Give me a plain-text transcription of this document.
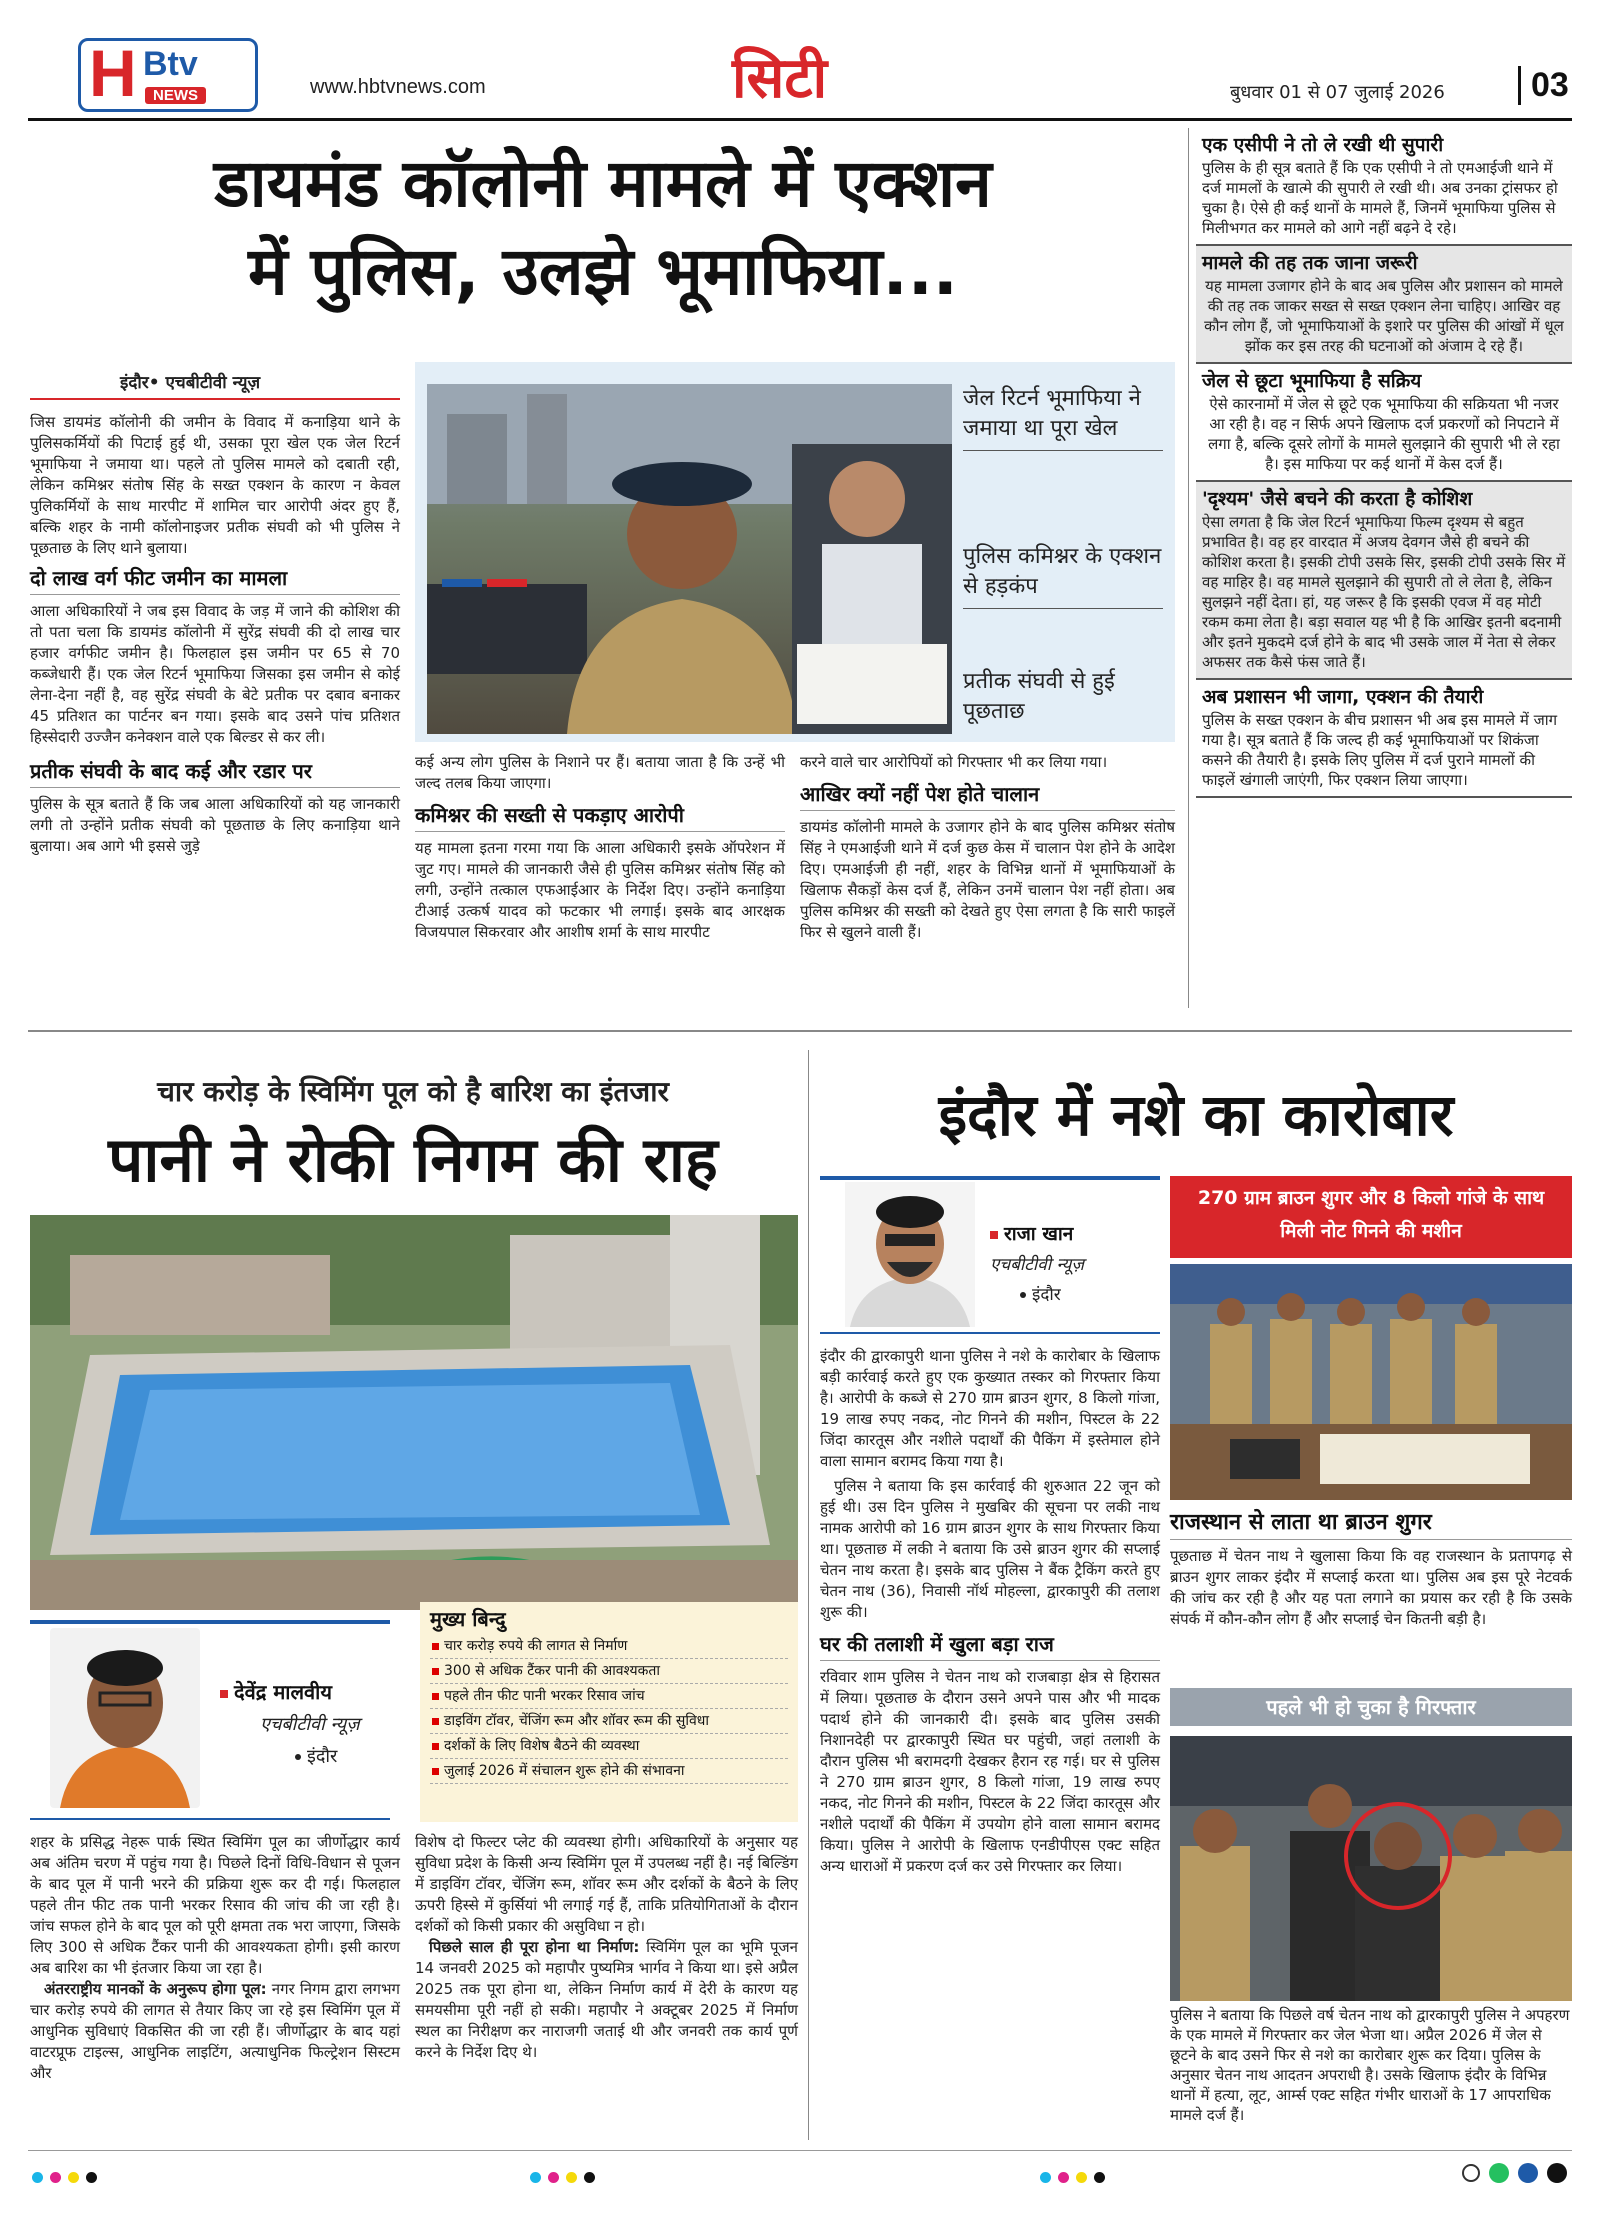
H Btv
NEWS	www.hbtvnews.com	सिटी	बुधवार 01 से 07 जुलाई 2026	03
डायमंड कॉलोनी मामले में एक्शन
में पुलिस, उलझे भूमाफिया...
इंदौर• एचबीटीवी न्यूज़

जिस डायमंड कॉलोनी की जमीन के विवाद में कनाड़िया थाने के पुलिसकर्मियों की पिटाई हुई थी, उसका पूरा खेल एक जेल रिटर्न भूमाफिया ने जमाया था। पहले तो पुलिस मामले को दबाती रही, लेकिन कमिश्नर संतोष सिंह के सख्त एक्शन के कारण न केवल पुलिकर्मियों के साथ मारपीट में शामिल चार आरोपी अंदर हुए हैं, बल्कि शहर के नामी कॉलोनाइजर प्रतीक संघवी को भी पुलिस ने पूछताछ के लिए थाने बुलाया।

दो लाख वर्ग फीट जमीन का मामला

आला अधिकारियों ने जब इस विवाद के जड़ में जाने की कोशिश की तो पता चला कि डायमंड कॉलोनी में सुरेंद्र संघवी की दो लाख चार हजार वर्गफीट जमीन है। फिलहाल इस जमीन पर 65 से 70 कब्जेधारी हैं। एक जेल रिटर्न भूमाफिया जिसका इस जमीन से कोई लेना-देना नहीं है, वह सुरेंद्र संघवी के बेटे प्रतीक पर दबाव बनाकर 45 प्रतिशत का पार्टनर बन गया। इसके बाद उसने पांच प्रतिशत हिस्सेदारी उज्जैन कनेक्शन वाले एक बिल्डर से कर ली।

प्रतीक संघवी के बाद कई और रडार पर

पुलिस के सूत्र बताते हैं कि जब आला अधिकारियों को यह जानकारी लगी तो उन्होंने प्रतीक संघवी को पूछताछ के लिए कनाड़िया थाने बुलाया। अब आगे भी इससे जुड़े

जेल रिटर्न भूमाफिया ने जमाया था पूरा खेल
पुलिस कमिश्नर के एक्शन से हड़कंप
प्रतीक संघवी से हुई पूछताछ

कई अन्य लोग पुलिस के निशाने पर हैं। बताया जाता है कि उन्हें भी जल्द तलब किया जाएगा।

कमिश्नर की सख्ती से पकड़ाए आरोपी

यह मामला इतना गरमा गया कि आला अधिकारी इसके ऑपरेशन में जुट गए। मामले की जानकारी जैसे ही पुलिस कमिश्नर संतोष सिंह को लगी, उन्होंने तत्काल एफआईआर के निर्देश दिए। उन्होंने कनाड़िया टीआई उत्कर्ष यादव को फटकार भी लगाई। इसके बाद आरक्षक विजयपाल सिकरवार और आशीष शर्मा के साथ मारपीट

करने वाले चार आरोपियों को गिरफ्तार भी कर लिया गया।

आखिर क्यों नहीं पेश होते चालान

डायमंड कॉलोनी मामले के उजागर होने के बाद पुलिस कमिश्नर संतोष सिंह ने एमआईजी थाने में दर्ज कुछ केस में चालान पेश होने के आदेश दिए। एमआईजी ही नहीं, शहर के विभिन्न थानों में भूमाफियाओं के खिलाफ सैकड़ों केस दर्ज हैं, लेकिन उनमें चालान पेश नहीं होता। अब पुलिस कमिश्नर की सख्ती को देखते हुए ऐसा लगता है कि सारी फाइलें फिर से खुलने वाली हैं।

एक एसीपी ने तो ले रखी थी सुपारी

पुलिस के ही सूत्र बताते हैं कि एक एसीपी ने तो एमआईजी थाने में दर्ज मामलों के खात्मे की सुपारी ले रखी थी। अब उनका ट्रांसफर हो चुका है। ऐसे ही कई थानों के मामले हैं, जिनमें भूमाफिया पुलिस से मिलीभगत कर मामले को आगे नहीं बढ़ने दे रहे।

मामले की तह तक जाना जरूरी

यह मामला उजागर होने के बाद अब पुलिस और प्रशासन को मामले की तह तक जाकर सख्त से सख्त एक्शन लेना चाहिए। आखिर वह कौन लोग हैं, जो भूमाफियाओं के इशारे पर पुलिस की आंखों में धूल झोंक कर इस तरह की घटनाओं को अंजाम दे रहे हैं।

जेल से छूटा भूमाफिया है सक्रिय

ऐसे कारनामों में जेल से छूटे एक भूमाफिया की सक्रियता भी नजर आ रही है। वह न सिर्फ अपने खिलाफ दर्ज प्रकरणों को निपटाने में लगा है, बल्कि दूसरे लोगों के मामले सुलझाने की सुपारी भी ले रहा है। इस माफिया पर कई थानों में केस दर्ज हैं।

'दृश्यम' जैसे बचने की करता है कोशिश

ऐसा लगता है कि जेल रिटर्न भूमाफिया फिल्म दृश्यम से बहुत प्रभावित है। वह हर वारदात में अजय देवगन जैसे ही बचने की कोशिश करता है। इसकी टोपी उसके सिर, इसकी टोपी उसके सिर में वह माहिर है। वह मामले सुलझाने की सुपारी तो ले लेता है, लेकिन सुलझने नहीं देता। हां, यह जरूर है कि इसकी एवज में वह मोटी रकम कमा लेता है। बड़ा सवाल यह भी है कि आखिर इतनी बदनामी और इतने मुकदमे दर्ज होने के बाद भी उसके जाल में नेता से लेकर अफसर तक कैसे फंस जाते हैं।

अब प्रशासन भी जागा, एक्शन की तैयारी

पुलिस के सख्त एक्शन के बीच प्रशासन भी अब इस मामले में जाग गया है। सूत्र बताते हैं कि जल्द ही कई भूमाफियाओं पर शिकंजा कसने की तैयारी है। इसके लिए पुलिस में दर्ज पुराने मामलों की फाइलें खंगाली जाएंगी, फिर एक्शन लिया जाएगा।

चार करोड़ के स्विमिंग पूल को है बारिश का इंतजार
पानी ने रोकी निगम की राह
देवेंद्र मालवीय
एचबीटीवी न्यूज़
इंदौर
मुख्य बिन्दु
चार करोड़ रुपये की लागत से निर्माण
300 से अधिक टैंकर पानी की आवश्यकता
पहले तीन फीट पानी भरकर रिसाव जांच
डाइविंग टॉवर, चेंजिंग रूम और शॉवर रूम की सुविधा
दर्शकों के लिए विशेष बैठने की व्यवस्था
जुलाई 2026 में संचालन शुरू होने की संभावना

शहर के प्रसिद्ध नेहरू पार्क स्थित स्विमिंग पूल का जीर्णोद्धार कार्य अब अंतिम चरण में पहुंच गया है। पिछले दिनों विधि-विधान से पूजन के बाद पूल में पानी भरने की प्रक्रिया शुरू कर दी गई। फिलहाल पहले तीन फीट तक पानी भरकर रिसाव की जांच की जा रही है। जांच सफल होने के बाद पूल को पूरी क्षमता तक भरा जाएगा, जिसके लिए 300 से अधिक टैंकर पानी की आवश्यकता होगी। इसी कारण अब बारिश का भी इंतजार किया जा रहा है।

अंतरराष्ट्रीय मानकों के अनुरूप होगा पूल: नगर निगम द्वारा लगभग चार करोड़ रुपये की लागत से तैयार किए जा रहे इस स्विमिंग पूल में आधुनिक सुविधाएं विकसित की जा रही हैं। जीर्णोद्धार के बाद यहां वाटरप्रूफ टाइल्स, आधुनिक लाइटिंग, अत्याधुनिक फिल्ट्रेशन सिस्टम और

विशेष दो फिल्टर प्लेट की व्यवस्था होगी। अधिकारियों के अनुसार यह सुविधा प्रदेश के किसी अन्य स्विमिंग पूल में उपलब्ध नहीं है। नई बिल्डिंग में डाइविंग टॉवर, चेंजिंग रूम, शॉवर रूम और दर्शकों के बैठने के लिए ऊपरी हिस्से में कुर्सियां भी लगाई गई हैं, ताकि प्रतियोगिताओं के दौरान दर्शकों को किसी प्रकार की असुविधा न हो।

पिछले साल ही पूरा होना था निर्माण: स्विमिंग पूल का भूमि पूजन 14 जनवरी 2025 को महापौर पुष्यमित्र भार्गव ने किया था। इसे अप्रैल 2025 तक पूरा होना था, लेकिन निर्माण कार्य में देरी के कारण यह समयसीमा पूरी नहीं हो सकी। महापौर ने अक्टूबर 2025 में निर्माण स्थल का निरीक्षण कर नाराजगी जताई थी और जनवरी तक कार्य पूर्ण करने के निर्देश दिए थे।

इंदौर में नशे का कारोबार
राजा खान
एचबीटीवी न्यूज़
इंदौर
270 ग्राम ब्राउन शुगर और 8 किलो गांजे के साथ मिली नोट गिनने की मशीन

इंदौर की द्वारकापुरी थाना पुलिस ने नशे के कारोबार के खिलाफ बड़ी कार्रवाई करते हुए एक कुख्यात तस्कर को गिरफ्तार किया है। आरोपी के कब्जे से 270 ग्राम ब्राउन शुगर, 8 किलो गांजा, 19 लाख रुपए नकद, नोट गिनने की मशीन, पिस्टल के 22 जिंदा कारतूस और नशीले पदार्थों की पैकिंग में इस्तेमाल होने वाला सामान बरामद किया गया है।

पुलिस ने बताया कि इस कार्रवाई की शुरुआत 22 जून को हुई थी। उस दिन पुलिस ने मुखबिर की सूचना पर लकी नाथ नामक आरोपी को 16 ग्राम ब्राउन शुगर के साथ गिरफ्तार किया था। पूछताछ में लकी ने बताया कि उसे ब्राउन शुगर की सप्लाई चेतन नाथ करता है। इसके बाद पुलिस ने बैंक ट्रैकिंग करते हुए चेतन नाथ (36), निवासी नॉर्थ मोहल्ला, द्वारकापुरी की तलाश शुरू की।

घर की तलाशी में खुला बड़ा राज

रविवार शाम पुलिस ने चेतन नाथ को राजबाड़ा क्षेत्र से हिरासत में लिया। पूछताछ के दौरान उसने अपने पास और भी मादक पदार्थ होने की जानकारी दी। इसके बाद पुलिस उसकी निशानदेही पर द्वारकापुरी स्थित घर पहुंची, जहां तलाशी के दौरान पुलिस भी बरामदगी देखकर हैरान रह गई। घर से पुलिस ने 270 ग्राम ब्राउन शुगर, 8 किलो गांजा, 19 लाख रुपए नकद, नोट गिनने की मशीन, पिस्टल के 22 जिंदा कारतूस और नशीले पदार्थों की पैकिंग में उपयोग होने वाला सामान बरामद किया। पुलिस ने आरोपी के खिलाफ एनडीपीएस एक्ट सहित अन्य धाराओं में प्रकरण दर्ज कर उसे गिरफ्तार कर लिया।

राजस्थान से लाता था ब्राउन शुगर

पूछताछ में चेतन नाथ ने खुलासा किया कि वह राजस्थान के प्रतापगढ़ से ब्राउन शुगर लाकर इंदौर में सप्लाई करता था। पुलिस अब इस पूरे नेटवर्क की जांच कर रही है और यह पता लगाने का प्रयास कर रही है कि उसके संपर्क में कौन-कौन लोग हैं और सप्लाई चेन कितनी बड़ी है।

पहले भी हो चुका है गिरफ्तार

पुलिस ने बताया कि पिछले वर्ष चेतन नाथ को द्वारकापुरी पुलिस ने अपहरण के एक मामले में गिरफ्तार कर जेल भेजा था। अप्रैल 2026 में जेल से छूटने के बाद उसने फिर से नशे का कारोबार शुरू कर दिया। पुलिस के अनुसार चेतन नाथ आदतन अपराधी है। उसके खिलाफ इंदौर के विभिन्न थानों में हत्या, लूट, आर्म्स एक्ट सहित गंभीर धाराओं के 17 आपराधिक मामले दर्ज हैं।
